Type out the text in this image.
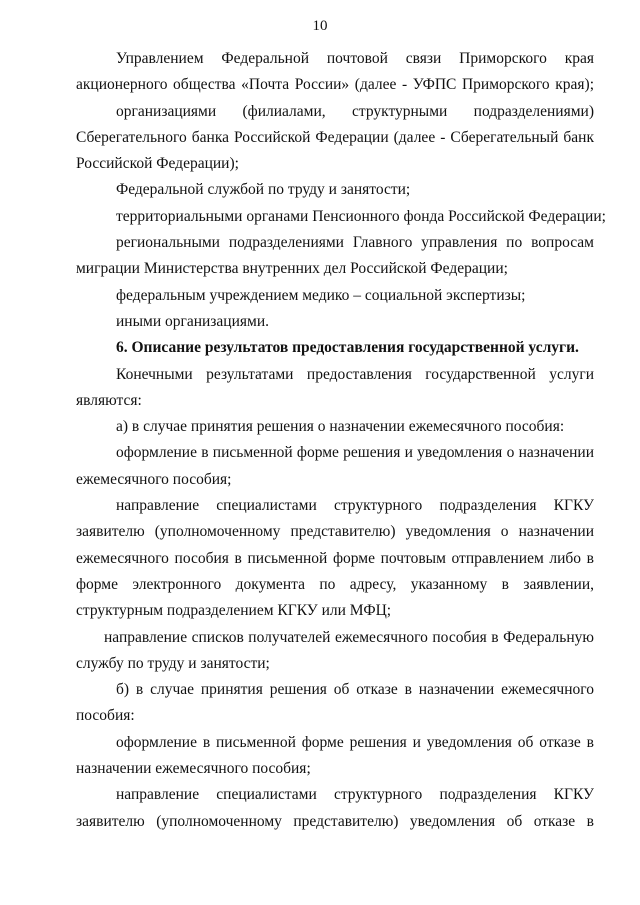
10
Управлением Федеральной почтовой связи Приморского края
акционерного общества «Почта России» (далее - УФПС Приморского края);
организациями (филиалами, структурными подразделениями)
Сберегательного банка Российской Федерации (далее - Сберегательный банк
Российской Федерации);
Федеральной службой по труду и занятости;
территориальными органами Пенсионного фонда Российской Федерации;
региональными подразделениями Главного управления по вопросам
миграции Министерства внутренних дел Российской Федерации;
федеральным учреждением медико – социальной экспертизы;
иными организациями.
6. Описание результатов предоставления государственной услуги.
Конечными результатами предоставления государственной услуги
являются:
а) в случае принятия решения о назначении ежемесячного пособия:
оформление в письменной форме решения и уведомления о назначении
ежемесячного пособия;
направление специалистами структурного подразделения КГКУ
заявителю (уполномоченному представителю) уведомления о назначении
ежемесячного пособия в письменной форме почтовым отправлением либо в
форме электронного документа по адресу, указанному в заявлении,
структурным подразделением КГКУ или МФЦ;
направление списков получателей ежемесячного пособия в Федеральную
службу по труду и занятости;
б) в случае принятия решения об отказе в назначении ежемесячного
пособия:
оформление в письменной форме решения и уведомления об отказе в
назначении ежемесячного пособия;
направление специалистами структурного подразделения КГКУ
заявителю (уполномоченному представителю) уведомления об отказе в
